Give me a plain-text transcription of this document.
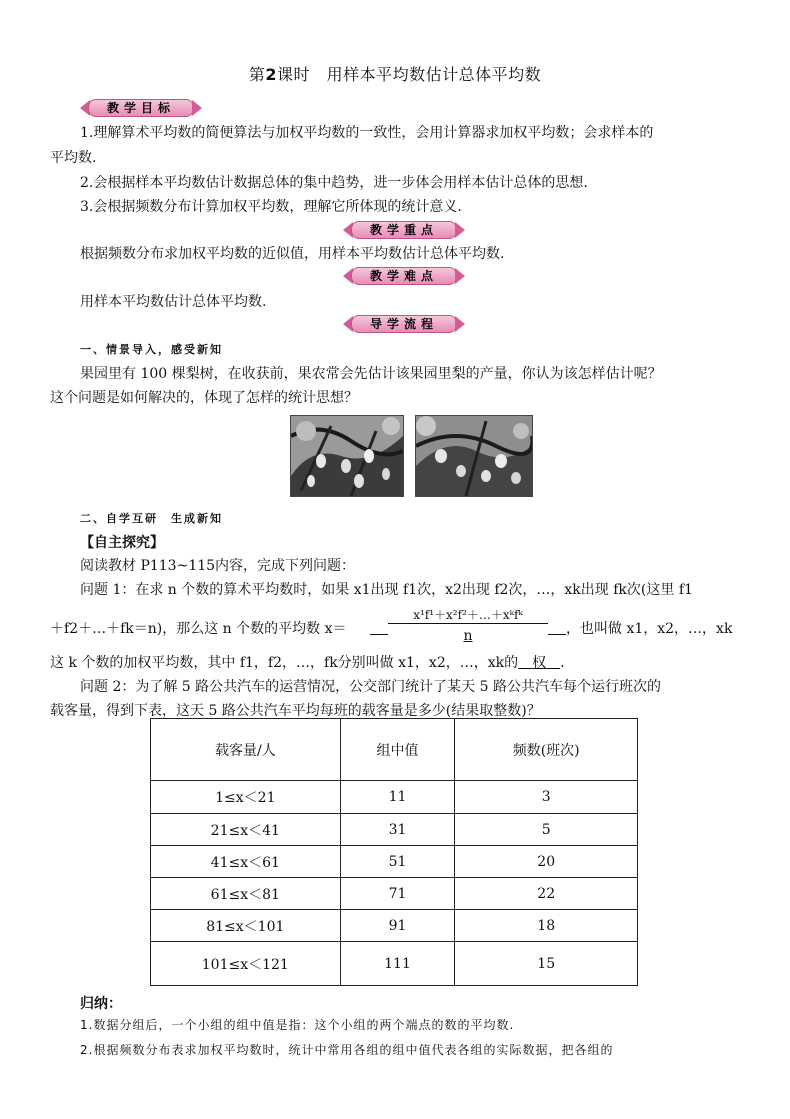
第2课时　 用样本平均数估计总体平均数
教学目标
1.理解算术平均数的简便算法与加权平均数的一致性，会用计算器求加权平均数；会求样本的
平均数.
2.会根据样本平均数估计数据总体的集中趋势，进一步体会用样本估计总体的思想.
3.会根据频数分布计算加权平均数，理解它所体现的统计意义.
教学重点
根据频数分布求加权平均数的近似值，用样本平均数估计总体平均数.
教学难点
用样本平均数估计总体平均数.
导学流程
一、情景导入，感受新知
果园里有 100 棵梨树，在收获前，果农常会先估计该果园里梨的产量，你认为该怎样估计呢？
这个问题是如何解决的，体现了怎样的统计思想？
二、自学互研　生成新知
【自主探究】
阅读教材 P113~115内容，完成下列问题：
问题 1：在求 n 个数的算术平均数时，如果 x1出现 f1次，x2出现 f2次，…，xk出现 fk次(这里 f1
＋f2＋…＋fk＝n)，那么这 n 个数的平均数 x＝
x¹f¹＋x²f²＋…＋xᵏfᵏ
n	，也叫做 x1，x2，…，xk
这 k 个数的加权平均数，其中 f1，f2，…，fk分别叫做 x1，x2，…，xk的　 权　 .
问题 2：为了解 5 路公共汽车的运营情况，公交部门统计了某天 5 路公共汽车每个运行班次的
载客量，得到下表，这天 5 路公共汽车平均每班的载客量是多少(结果取整数)？
载客量/人	组中值	频数(班次)
1≤x＜21	11	3
21≤x＜41	31	5
41≤x＜61	51	20
61≤x＜81	71	22
81≤x＜101	91	18
101≤x＜121	111	15
归纳：
1.数据分组后，一个小组的组中值是指：这个小组的两个端点的数的平均数.
2.根据频数分布表求加权平均数时，统计中常用各组的组中值代表各组的实际数据，把各组的
